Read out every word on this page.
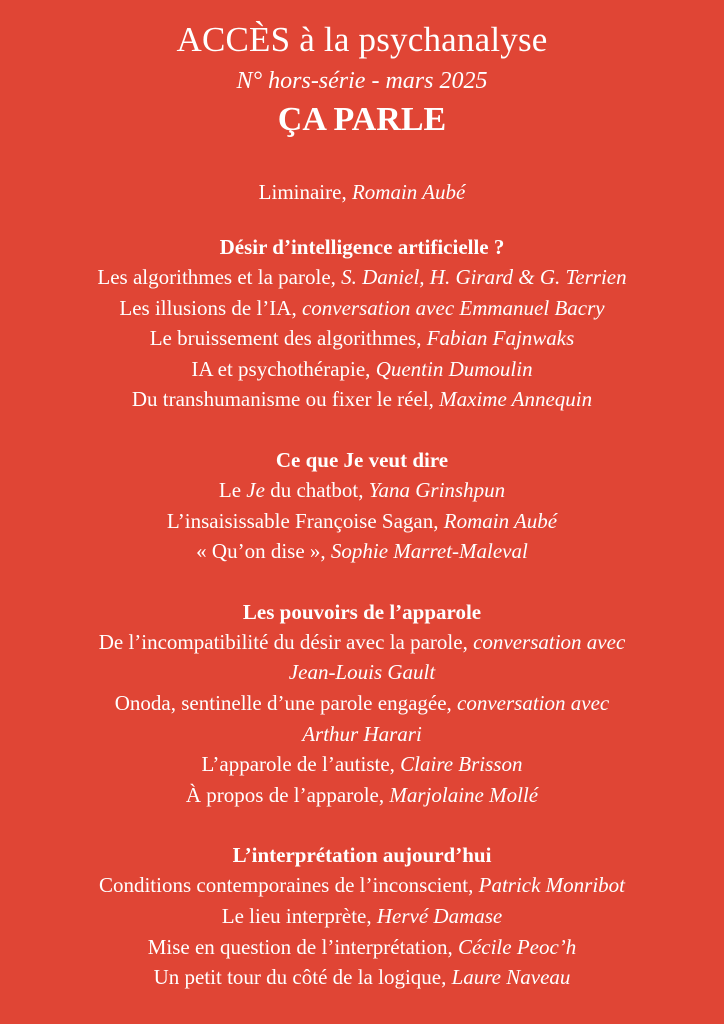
ACCÈS à la psychanalyse

N° hors-série - mars 2025

ÇA PARLE

Liminaire, Romain Aubé

Désir d’intelligence artificielle ?

Les algorithmes et la parole, S. Daniel, H. Girard & G. Terrien

Les illusions de l’IA, conversation avec Emmanuel Bacry

Le bruissement des algorithmes, Fabian Fajnwaks

IA et psychothérapie, Quentin Dumoulin

Du transhumanisme ou fixer le réel, Maxime Annequin

Ce que Je veut dire

Le Je du chatbot, Yana Grinshpun

L’insaisissable Françoise Sagan, Romain Aubé

« Qu’on dise », Sophie Marret-Maleval

Les pouvoirs de l’apparole

De l’incompatibilité du désir avec la parole, conversation avec
Jean-Louis Gault

Onoda, sentinelle d’une parole engagée, conversation avec
Arthur Harari

L’apparole de l’autiste, Claire Brisson

À propos de l’apparole, Marjolaine Mollé

L’interprétation aujourd’hui

Conditions contemporaines de l’inconscient, Patrick Monribot

Le lieu interprète, Hervé Damase

Mise en question de l’interprétation, Cécile Peoc’h

Un petit tour du côté de la logique, Laure Naveau
